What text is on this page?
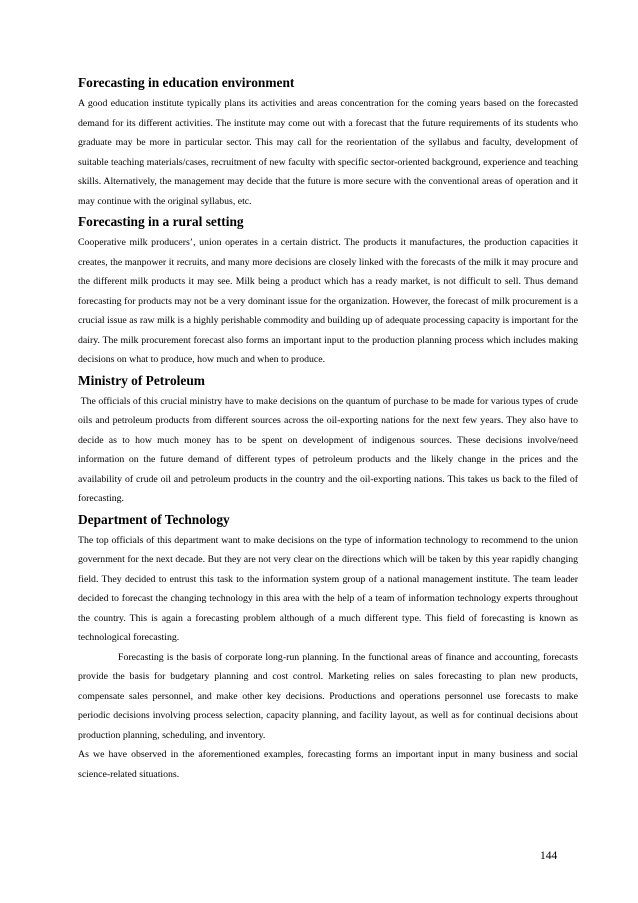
Forecasting in education environment

A good education institute typically plans its activities and areas concentration for the coming years based on the forecasted demand for its different activities. The institute may come out with a forecast that the future requirements of its students who graduate may be more in particular sector. This may call for the reorientation of the syllabus and faculty, development of suitable teaching materials/cases, recruitment of new faculty with specific sector-oriented background, experience and teaching skills. Alternatively, the management may decide that the future is more secure with the conventional areas of operation and it may continue with the original syllabus, etc.

Forecasting in a rural setting

Cooperative milk producers’, union operates in a certain district. The products it manufactures, the production capacities it creates, the manpower it recruits, and many more decisions are closely linked with the forecasts of the milk it may procure and the different milk products it may see. Milk being a product which has a ready market, is not difficult to sell. Thus demand forecasting for products may not be a very dominant issue for the organization. However, the forecast of milk procurement is a crucial issue as raw milk is a highly perishable commodity and building up of adequate processing capacity is important for the dairy. The milk procurement forecast also forms an important input to the production planning process which includes making decisions on what to produce, how much and when to produce.

Ministry of Petroleum

The officials of this crucial ministry have to make decisions on the quantum of purchase to be made for various types of crude oils and petroleum products from different sources across the oil-exporting nations for the next few years. They also have to decide as to how much money has to be spent on development of indigenous sources. These decisions involve/need information on the future demand of different types of petroleum products and the likely change in the prices and the availability of crude oil and petroleum products in the country and the oil-exporting nations. This takes us back to the filed of forecasting.

Department of Technology

The top officials of this department want to make decisions on the type of information technology to recommend to the union government for the next decade. But they are not very clear on the directions which will be taken by this year rapidly changing field. They decided to entrust this task to the information system group of a national management institute. The team leader decided to forecast the changing technology in this area with the help of a team of information technology experts throughout the country. This is again a forecasting problem although of a much different type. This field of forecasting is known as technological forecasting.

Forecasting is the basis of corporate long-run planning. In the functional areas of finance and accounting, forecasts provide the basis for budgetary planning and cost control. Marketing relies on sales forecasting to plan new products, compensate sales personnel, and make other key decisions. Productions and operations personnel use forecasts to make periodic decisions involving process selection, capacity planning, and facility layout, as well as for continual decisions about production planning, scheduling, and inventory.

As we have observed in the aforementioned examples, forecasting forms an important input in many business and social science-related situations.

144
